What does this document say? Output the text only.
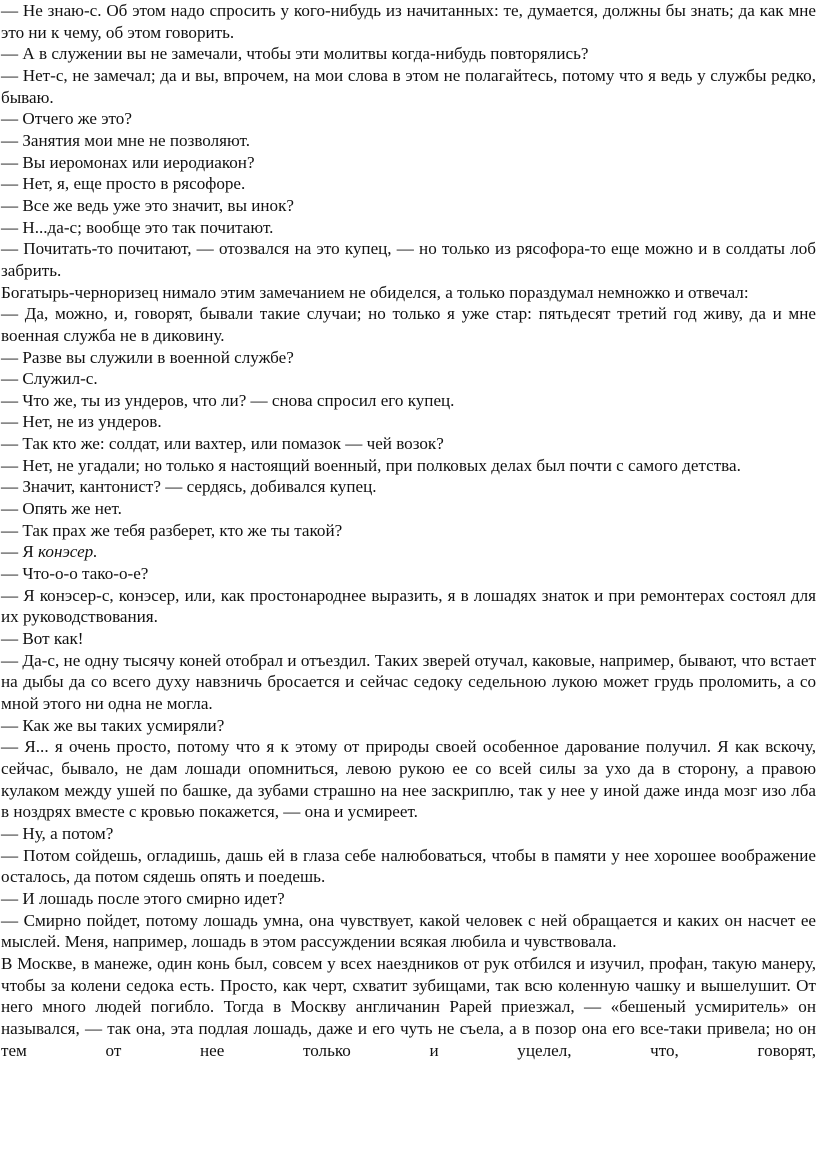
— Не знаю-с. Об этом надо спросить у кого-нибудь из начитанных: те, думается, должны бы знать; да как мне это ни к чему, об этом говорить.

— А в служении вы не замечали, чтобы эти молитвы когда-нибудь повторялись?

— Нет-с, не замечал; да и вы, впрочем, на мои слова в этом не полагайтесь, потому что я ведь у службы редко, бываю.

— Отчего же это?

— Занятия мои мне не позволяют.

— Вы иеромонах или иеродиакон?

— Нет, я, еще просто в рясофоре.

— Все же ведь уже это значит, вы инок?

— Н...да-с; вообще это так почитают.

— Почитать-то почитают, — отозвался на это купец, — но только из рясофора-то еще можно и в солдаты лоб забрить.

Богатырь-черноризец нимало этим замечанием не обиделся, а только пораздумал немножко и отвечал:

— Да, можно, и, говорят, бывали такие случаи; но только я уже стар: пятьдесят третий год живу, да и мне военная служба не в диковину.

— Разве вы служили в военной службе?

— Служил-с.

— Что же, ты из ундеров, что ли? — снова спросил его купец.

— Нет, не из ундеров.

— Так кто же: солдат, или вахтер, или помазок — чей возок?

— Нет, не угадали; но только я настоящий военный, при полковых делах был почти с самого детства.

— Значит, кантонист? — сердясь, добивался купец.

— Опять же нет.

— Так прах же тебя разберет, кто же ты такой?

— Я конэсер.

— Что-о-о тако-о-е?

— Я конэсер-с, конэсер, или, как простонароднее выразить, я в лошадях знаток и при ремонтерах состоял для их руководствования.

— Вот как!

— Да-с, не одну тысячу коней отобрал и отъездил. Таких зверей отучал, каковые, например, бывают, что встает на дыбы да со всего духу навзничь бросается и сейчас седоку седельною лукою может грудь проломить, а со мной этого ни одна не могла.

— Как же вы таких усмиряли?

— Я... я очень просто, потому что я к этому от природы своей особенное дарование получил. Я как вскочу, сейчас, бывало, не дам лошади опомниться, левою рукою ее со всей силы за ухо да в сторону, а правою кулаком между ушей по башке, да зубами страшно на нее заскриплю, так у нее у иной даже инда мозг изо лба в ноздрях вместе с кровью покажется, — она и усмиреет.

— Ну, а потом?

— Потом сойдешь, огладишь, дашь ей в глаза себе налюбоваться, чтобы в памяти у нее хорошее воображение осталось, да потом сядешь опять и поедешь.

— И лошадь после этого смирно идет?

— Смирно пойдет, потому лошадь умна, она чувствует, какой человек с ней обращается и каких он насчет ее мыслей. Меня, например, лошадь в этом рассуждении всякая любила и чувствовала.

В Москве, в манеже, один конь был, совсем у всех наездников от рук отбился и изучил, профан, такую манеру, чтобы за колени седока есть. Просто, как черт, схватит зубищами, так всю коленную чашку и вышелушит. От него много людей погибло. Тогда в Москву англичанин Рарей приезжал, — «бешеный усмиритель» он назывался, — так она, эта подлая лошадь, даже и его чуть не съела, а в позор она его все-таки привела; но он тем от нее только и уцелел, что, говорят,
